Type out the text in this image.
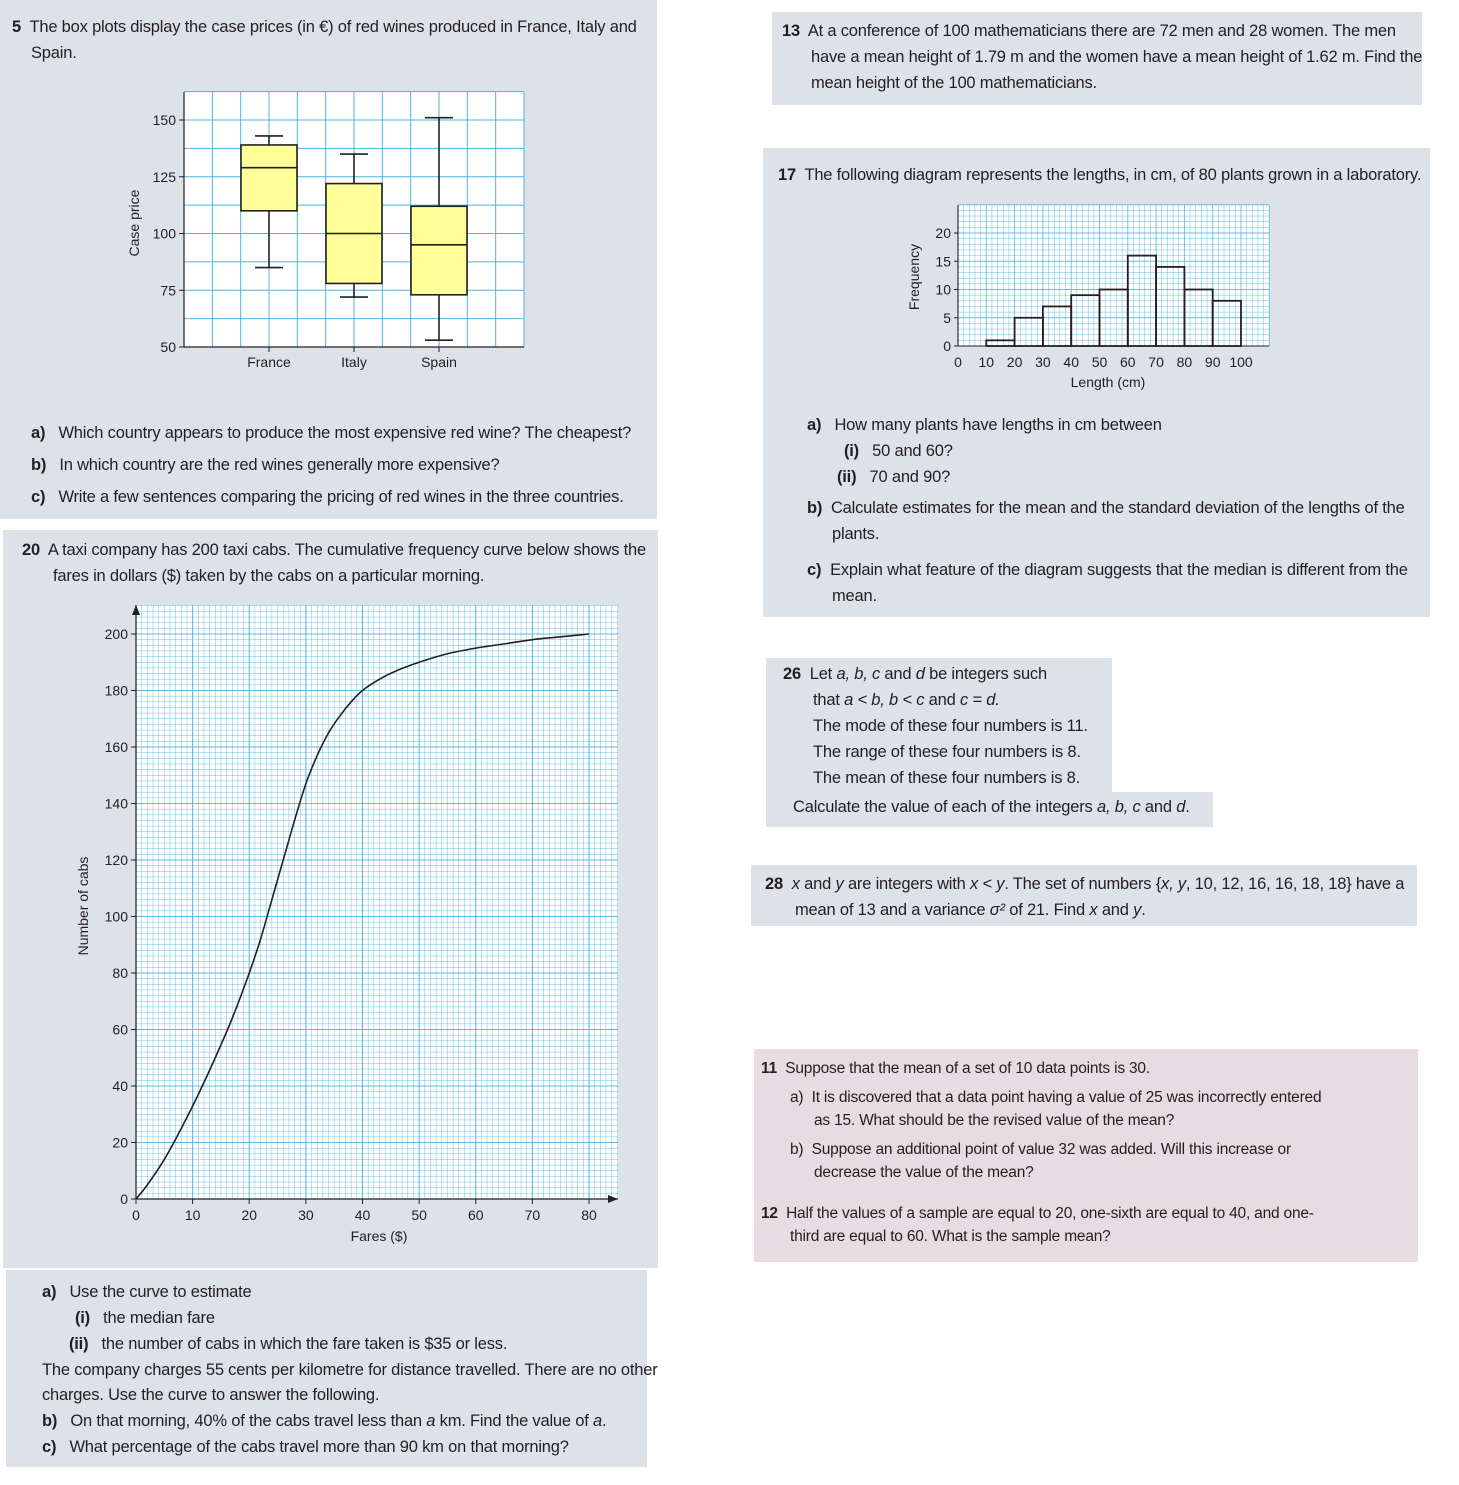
5 The box plots display the case prices (in €) of red wines produced in France, Italy and
Spain.
50
75
100
125
150
Case price
France	Italy	Spain
a) Which country appears to produce the most expensive red wine? The cheapest?
b) In which country are the red wines generally more expensive?
c) Write a few sentences comparing the pricing of red wines in the three countries.
20 A taxi company has 200 taxi cabs. The cumulative frequency curve below shows the
fares in dollars ($) taken by the cabs on a particular morning.
0
20
40
60
80
100
120
140
160
180
200
0	10	20	30	40	50	60	70	80
Fares ($)
Number of cabs
a) Use the curve to estimate
(i) the median fare
(ii) the number of cabs in which the fare taken is $35 or less.
The company charges 55 cents per kilometre for distance travelled. There are no other
charges. Use the curve to answer the following.
b) On that morning, 40% of the cabs travel less than a km. Find the value of a.
c) What percentage of the cabs travel more than 90 km on that morning?
13 At a conference of 100 mathematicians there are 72 men and 28 women. The men
have a mean height of 1.79 m and the women have a mean height of 1.62 m. Find the
mean height of the 100 mathematicians.
17 The following diagram represents the lengths, in cm, of 80 plants grown in a laboratory.
0
5
10
15
20
0 10 20 30 40 50 60 70 80 90 100
Length (cm)
Frequency
a) How many plants have lengths in cm between
(i) 50 and 60?
(ii) 70 and 90?
b) Calculate estimates for the mean and the standard deviation of the lengths of the
plants.
c) Explain what feature of the diagram suggests that the median is different from the
mean.
26 Let a, b, c and d be integers such
that a < b, b < c and c = d.
The mode of these four numbers is 11.
The range of these four numbers is 8.
The mean of these four numbers is 8.
Calculate the value of each of the integers a, b, c and d.
28 x and y are integers with x < y. The set of numbers {x, y, 10, 12, 16, 16, 18, 18} have a
mean of 13 and a variance σ² of 21. Find x and y.
11 Suppose that the mean of a set of 10 data points is 30.
a) It is discovered that a data point having a value of 25 was incorrectly entered
as 15. What should be the revised value of the mean?
b) Suppose an additional point of value 32 was added. Will this increase or
decrease the value of the mean?
12 Half the values of a sample are equal to 20, one-sixth are equal to 40, and one-
third are equal to 60. What is the sample mean?
